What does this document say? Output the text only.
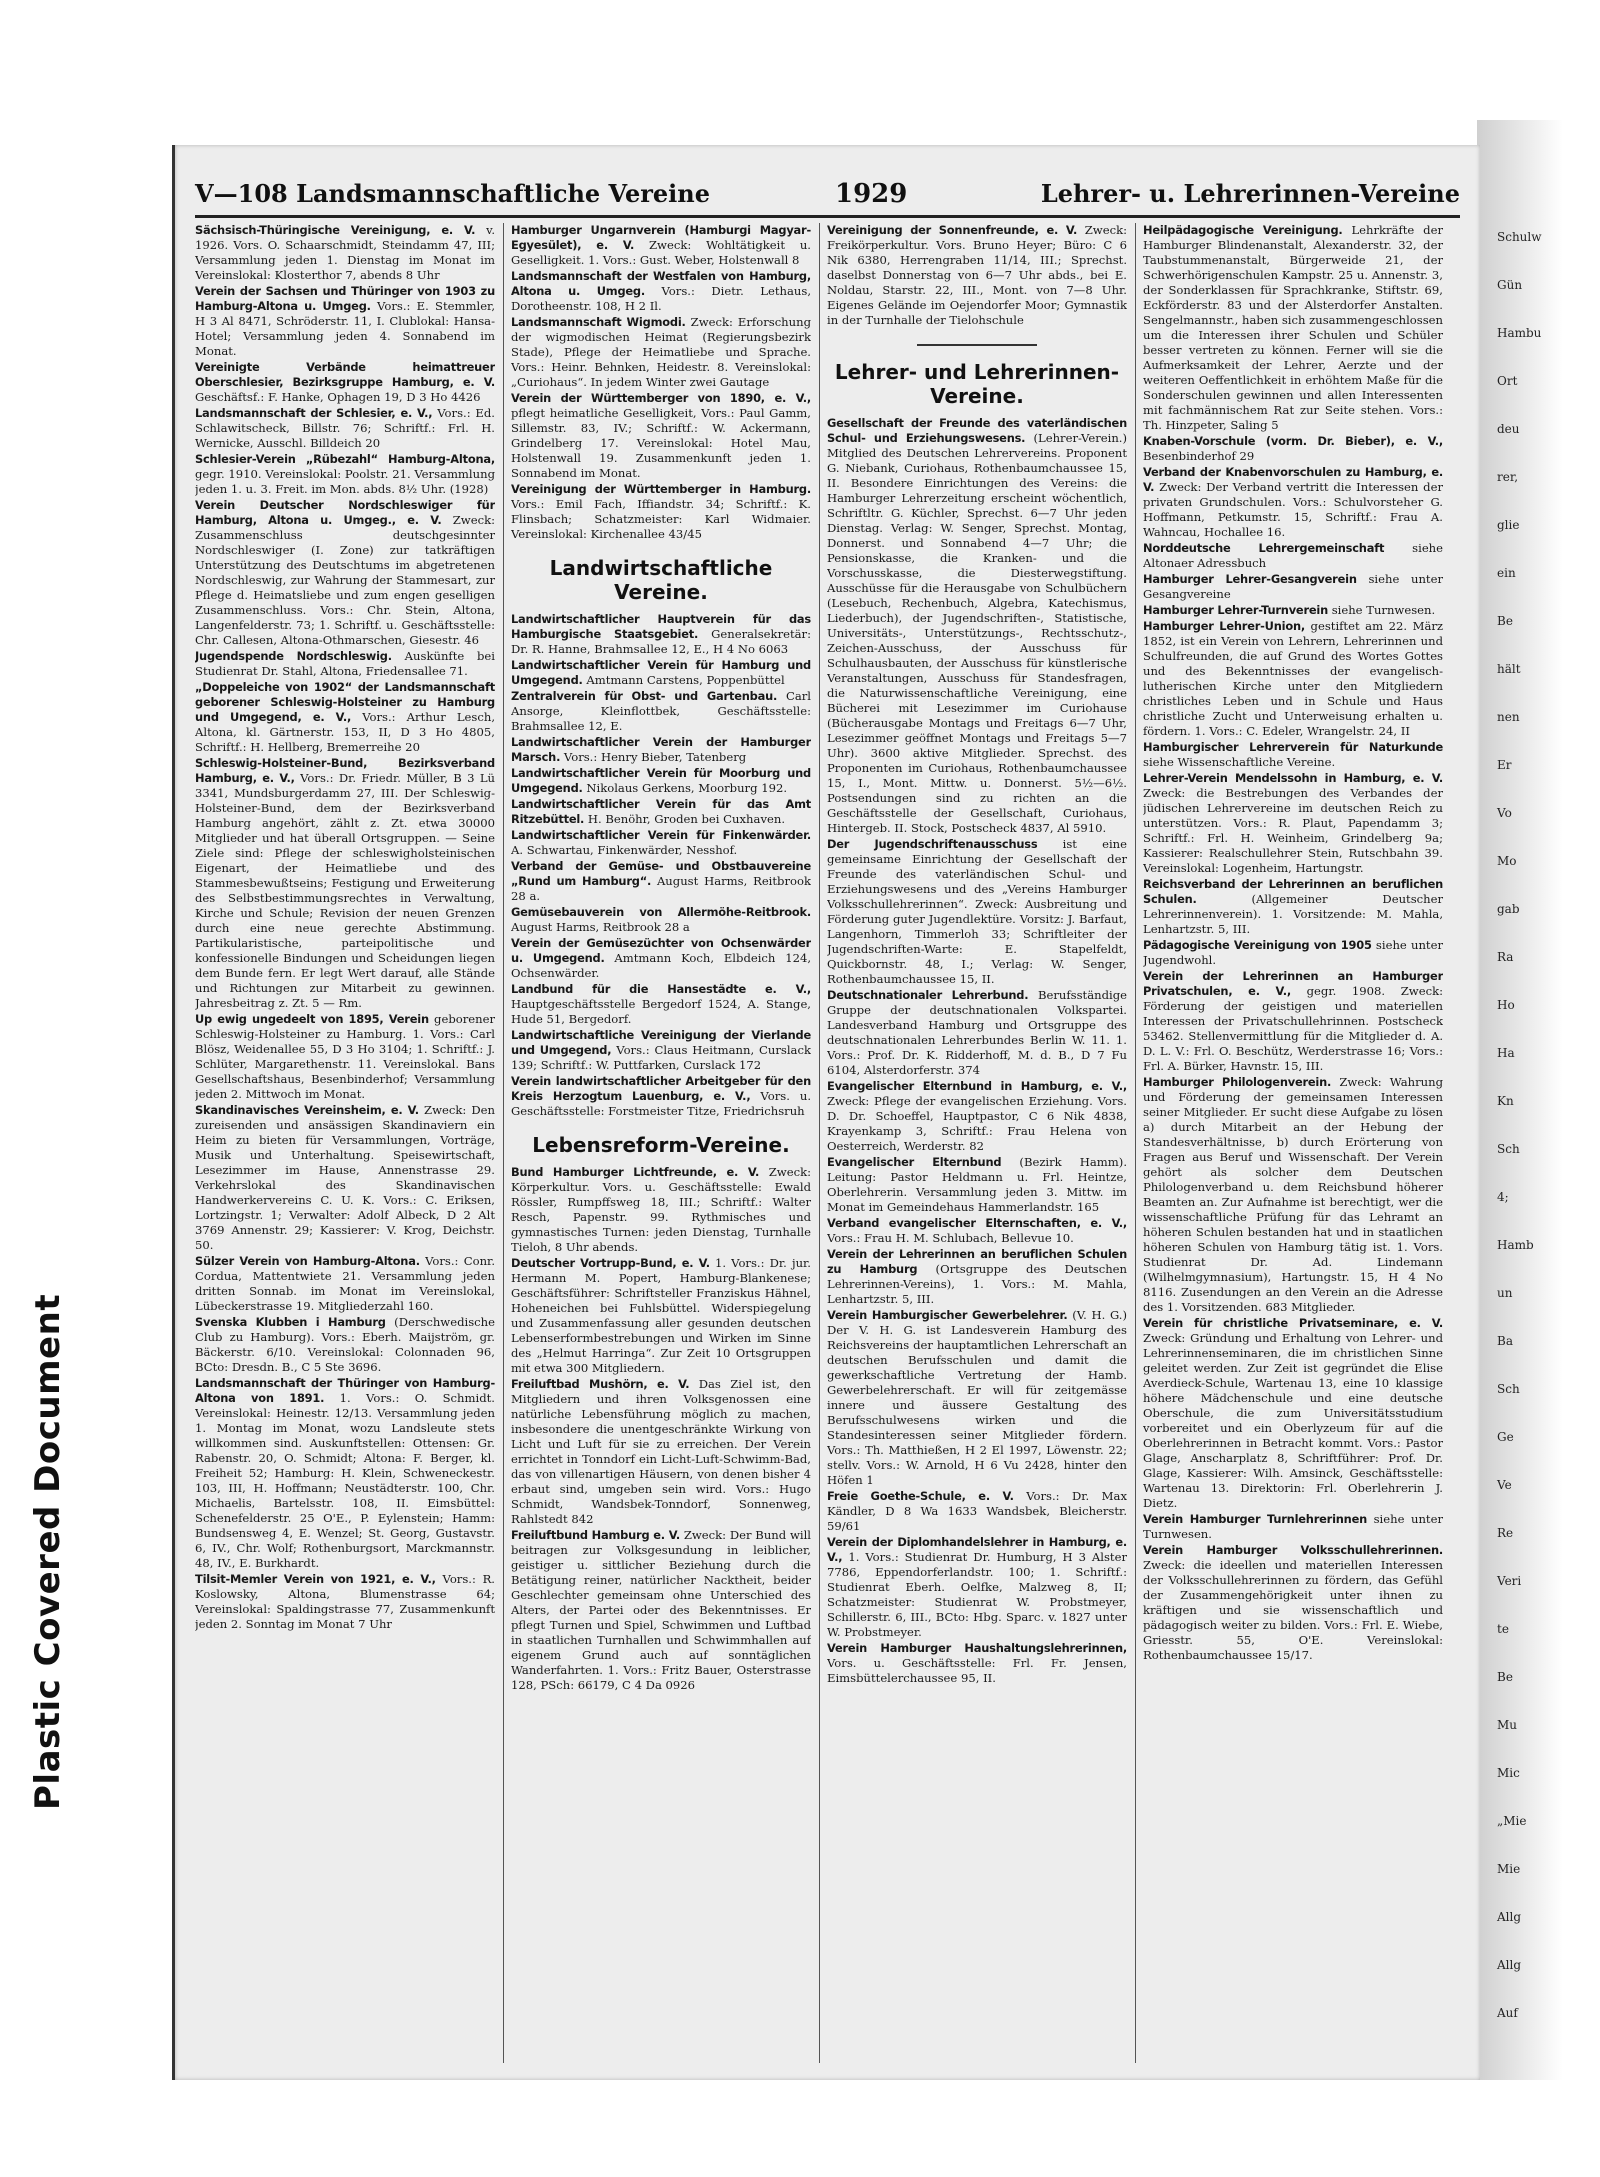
Plastic Covered Document
Schulw
Gün
Hambu
Ort
deu
rer,
glie
ein
Be
hält
nen
Er
Vo
Mo
gab
Ra
Ho
Ha
Kn
Sch
4;
Hamb
un
Ba
Sch
Ge
Ve
Re
Veri
te
Be
Mu
Mic
„Mie
Mie
Allg
Allg
Auf
V—108 Landsmannschaftliche Vereine	1929	Lehrer- u. Lehrerinnen-Vereine

Sächsisch-Thüringische Vereinigung, e. V. v. 1926. Vors. O. Schaarschmidt, Steindamm 47, III; Versammlung jeden 1. Dienstag im Monat im Vereinslokal: Klosterthor 7, abends 8 Uhr

Verein der Sachsen und Thüringer von 1903 zu Hamburg-Altona u. Umgeg. Vors.: E. Stemmler, H 3 Al 8471, Schröderstr. 11, I. Clublokal: Hansa-Hotel; Versammlung jeden 4. Sonnabend im Monat.

Vereinigte Verbände heimattreuer Oberschlesier, Bezirksgruppe Hamburg, e. V. Geschäftsf.: F. Hanke, Ophagen 19, D 3 Ho 4426

Landsmannschaft der Schlesier, e. V., Vors.: Ed. Schlawitscheck, Billstr. 76; Schriftf.: Frl. H. Wernicke, Ausschl. Billdeich 20

Schlesier-Verein „Rübezahl“ Hamburg-Altona, gegr. 1910. Vereinslokal: Poolstr. 21. Versammlung jeden 1. u. 3. Freit. im Mon. abds. 8½ Uhr. (1928)

Verein Deutscher Nordschleswiger für Hamburg, Altona u. Umgeg., e. V. Zweck: Zusammenschluss deutschgesinnter Nordschleswiger (I. Zone) zur tatkräftigen Unterstützung des Deutschtums im abgetretenen Nordschleswig, zur Wahrung der Stammesart, zur Pflege d. Heimatsliebe und zum engen geselligen Zusammenschluss. Vors.: Chr. Stein, Altona, Langenfelderstr. 73; 1. Schriftf. u. Geschäftsstelle: Chr. Callesen, Altona-Othmarschen, Giesestr. 46

Jugendspende Nordschleswig. Auskünfte bei Studienrat Dr. Stahl, Altona, Friedensallee 71.

„Doppeleiche von 1902“ der Landsmannschaft geborener Schleswig-Holsteiner zu Hamburg und Umgegend, e. V., Vors.: Arthur Lesch, Altona, kl. Gärtnerstr. 153, II, D 3 Ho 4805, Schriftf.: H. Hellberg, Bremerreihe 20

Schleswig-Holsteiner-Bund, Bezirksverband Hamburg, e. V., Vors.: Dr. Friedr. Müller, B 3 Lü 3341, Mundsburgerdamm 27, III. Der Schleswig-Holsteiner-Bund, dem der Bezirksverband Hamburg angehört, zählt z. Zt. etwa 30000 Mitglieder und hat überall Ortsgruppen. — Seine Ziele sind: Pflege der schleswigholsteinischen Eigenart, der Heimatliebe und des Stammesbewußtseins; Festigung und Erweiterung des Selbstbestimmungsrechtes in Verwaltung, Kirche und Schule; Revision der neuen Grenzen durch eine neue gerechte Abstimmung. Partikularistische, parteipolitische und konfessionelle Bindungen und Scheidungen liegen dem Bunde fern. Er legt Wert darauf, alle Stände und Richtungen zur Mitarbeit zu gewinnen. Jahresbeitrag z. Zt. 5 — Rm.

Up ewig ungedeelt von 1895, Verein geborener Schleswig-Holsteiner zu Hamburg. 1. Vors.: Carl Blösz, Weidenallee 55, D 3 Ho 3104; 1. Schriftf.: J. Schlüter, Margarethenstr. 11. Vereinslokal. Bans Gesellschaftshaus, Besenbinderhof; Versammlung jeden 2. Mittwoch im Monat.

Skandinavisches Vereinsheim, e. V. Zweck: Den zureisenden und ansässigen Skandinaviern ein Heim zu bieten für Versammlungen, Vorträge, Musik und Unterhaltung. Speisewirtschaft, Lesezimmer im Hause, Annenstrasse 29. Verkehrslokal des Skandinavischen Handwerkervereins C. U. K. Vors.: C. Eriksen, Lortzingstr. 1; Verwalter: Adolf Albeck, D 2 Alt 3769 Annenstr. 29; Kassierer: V. Krog, Deichstr. 50.

Sülzer Verein von Hamburg-Altona. Vors.: Conr. Cordua, Mattentwiete 21. Versammlung jeden dritten Sonnab. im Monat im Vereinslokal, Lübeckerstrasse 19. Mitgliederzahl 160.

Svenska Klubben i Hamburg (Derschwedische Club zu Hamburg). Vors.: Eberh. Maijström, gr. Bäckerstr. 6/10. Vereinslokal: Colonnaden 96, BCto: Dresdn. B., C 5 Ste 3696.

Landsmannschaft der Thüringer von Hamburg-Altona von 1891. 1. Vors.: O. Schmidt. Vereinslokal: Heinestr. 12/13. Versammlung jeden 1. Montag im Monat, wozu Landsleute stets willkommen sind. Auskunftstellen: Ottensen: Gr. Rabenstr. 20, O. Schmidt; Altona: F. Berger, kl. Freiheit 52; Hamburg: H. Klein, Schweneckestr. 103, III, H. Hoffmann; Neustädterstr. 100, Chr. Michaelis, Bartelsstr. 108, II. Eimsbüttel: Schenefelderstr. 25 O'E., P. Eylenstein; Hamm: Bundsensweg 4, E. Wenzel; St. Georg, Gustavstr. 6, IV., Chr. Wolf; Rothenburgsort, Marckmannstr. 48, IV., E. Burkhardt.

Tilsit-Memler Verein von 1921, e. V., Vors.: R. Koslowsky, Altona, Blumenstrasse 64; Vereinslokal: Spaldingstrasse 77, Zusammenkunft jeden 2. Sonntag im Monat 7 Uhr

Hamburger Ungarnverein (Hamburgi Magyar-Egyesület), e. V. Zweck: Wohltätigkeit u. Geselligkeit. 1. Vors.: Gust. Weber, Holstenwall 8

Landsmannschaft der Westfalen von Hamburg, Altona u. Umgeg. Vors.: Dietr. Lethaus, Dorotheenstr. 108, H 2 Il.

Landsmannschaft Wigmodi. Zweck: Erforschung der wigmodischen Heimat (Regierungsbezirk Stade), Pflege der Heimatliebe und Sprache. Vors.: Heinr. Behnken, Heidestr. 8. Vereinslokal: „Curiohaus“. In jedem Winter zwei Gautage

Verein der Württemberger von 1890, e. V., pflegt heimatliche Geselligkeit, Vors.: Paul Gamm, Sillemstr. 83, IV.; Schriftf.: W. Ackermann, Grindelberg 17. Vereinslokal: Hotel Mau, Holstenwall 19. Zusammenkunft jeden 1. Sonnabend im Monat.

Vereinigung der Württemberger in Hamburg. Vors.: Emil Fach, Iffiandstr. 34; Schriftf.: K. Flinsbach; Schatzmeister: Karl Widmaier. Vereinslokal: Kirchenallee 43/45

Landwirtschaftliche Vereine.

Landwirtschaftlicher Hauptverein für das Hamburgische Staatsgebiet. Generalsekretär: Dr. R. Hanne, Brahmsallee 12, E., H 4 No 6063

Landwirtschaftlicher Verein für Hamburg und Umgegend. Amtmann Carstens, Poppenbüttel

Zentralverein für Obst- und Gartenbau. Carl Ansorge, Kleinflottbek, Geschäftsstelle: Brahmsallee 12, E.

Landwirtschaftlicher Verein der Hamburger Marsch. Vors.: Henry Bieber, Tatenberg

Landwirtschaftlicher Verein für Moorburg und Umgegend. Nikolaus Gerkens, Moorburg 192.

Landwirtschaftlicher Verein für das Amt Ritzebüttel. H. Benöhr, Groden bei Cuxhaven.

Landwirtschaftlicher Verein für Finkenwärder. A. Schwartau, Finkenwärder, Nesshof.

Verband der Gemüse- und Obstbauvereine „Rund um Hamburg“. August Harms, Reitbrook 28 a.

Gemüsebauverein von Allermöhe-Reitbrook. August Harms, Reitbrook 28 a

Verein der Gemüsezüchter von Ochsenwärder u. Umgegend. Amtmann Koch, Elbdeich 124, Ochsenwärder.

Landbund für die Hansestädte e. V., Hauptgeschäftsstelle Bergedorf 1524, A. Stange, Hude 51, Bergedorf.

Landwirtschaftliche Vereinigung der Vierlande und Umgegend, Vors.: Claus Heitmann, Curslack 139; Schriftf.: W. Puttfarken, Curslack 172

Verein landwirtschaftlicher Arbeitgeber für den Kreis Herzogtum Lauenburg, e. V., Vors. u. Geschäftsstelle: Forstmeister Titze, Friedrichsruh

Lebensreform-Vereine.

Bund Hamburger Lichtfreunde, e. V. Zweck: Körperkultur. Vors. u. Geschäftsstelle: Ewald Rössler, Rumpffsweg 18, III.; Schriftf.: Walter Resch, Papenstr. 99. Rythmisches und gymnastisches Turnen: jeden Dienstag, Turnhalle Tieloh, 8 Uhr abends.

Deutscher Vortrupp-Bund, e. V. 1. Vors.: Dr. jur. Hermann M. Popert, Hamburg-Blankenese; Geschäftsführer: Schriftsteller Franziskus Hähnel, Hoheneichen bei Fuhlsbüttel. Widerspiegelung und Zusammenfassung aller gesunden deutschen Lebenserformbestrebungen und Wirken im Sinne des „Helmut Harringa“. Zur Zeit 10 Ortsgruppen mit etwa 300 Mitgliedern.

Freiluftbad Mushörn, e. V. Das Ziel ist, den Mitgliedern und ihren Volksgenossen eine natürliche Lebensführung möglich zu machen, insbesondere die unentgeschränkte Wirkung von Licht und Luft für sie zu erreichen. Der Verein errichtet in Tonndorf ein Licht-Luft-Schwimm-Bad, das von villenartigen Häusern, von denen bisher 4 erbaut sind, umgeben sein wird. Vors.: Hugo Schmidt, Wandsbek-Tonndorf, Sonnenweg, Rahlstedt 842

Freiluftbund Hamburg e. V. Zweck: Der Bund will beitragen zur Volksgesundung in leiblicher, geistiger u. sittlicher Beziehung durch die Betätigung reiner, natürlicher Nacktheit, beider Geschlechter gemeinsam ohne Unterschied des Alters, der Partei oder des Bekenntnisses. Er pflegt Turnen und Spiel, Schwimmen und Luftbad in staatlichen Turnhallen und Schwimmhallen auf eigenem Grund auch auf sonntäglichen Wanderfahrten. 1. Vors.: Fritz Bauer, Osterstrasse 128, PSch: 66179, C 4 Da 0926

Vereinigung der Sonnenfreunde, e. V. Zweck: Freikörperkultur. Vors. Bruno Heyer; Büro: C 6 Nik 6380, Herrengraben 11/14, III.; Sprechst. daselbst Donnerstag von 6—7 Uhr abds., bei E. Noldau, Starstr. 22, III., Mont. von 7—8 Uhr. Eigenes Gelände im Oejendorfer Moor; Gymnastik in der Turnhalle der Tielohschule

Lehrer- und Lehrerinnen-Vereine.

Gesellschaft der Freunde des vaterländischen Schul- und Erziehungswesens. (Lehrer-Verein.) Mitglied des Deutschen Lehrervereins. Proponent G. Niebank, Curiohaus, Rothenbaumchaussee 15, II. Besondere Einrichtungen des Vereins: die Hamburger Lehrerzeitung erscheint wöchentlich, Schriftltr. G. Küchler, Sprechst. 6—7 Uhr jeden Dienstag. Verlag: W. Senger, Sprechst. Montag, Donnerst. und Sonnabend 4—7 Uhr; die Pensionskasse, die Kranken- und die Vorschusskasse, die Diesterwegstiftung. Ausschüsse für die Herausgabe von Schulbüchern (Lesebuch, Rechenbuch, Algebra, Katechismus, Liederbuch), der Jugendschriften-, Statistische, Universitäts-, Unterstützungs-, Rechtsschutz-, Zeichen-Ausschuss, der Ausschuss für Schulhausbauten, der Ausschuss für künstlerische Veranstaltungen, Ausschuss für Standesfragen, die Naturwissenschaftliche Vereinigung, eine Bücherei mit Lesezimmer im Curiohause (Bücherausgabe Montags und Freitags 6—7 Uhr, Lesezimmer geöffnet Montags und Freitags 5—7 Uhr). 3600 aktive Mitglieder. Sprechst. des Proponenten im Curiohaus, Rothenbaumchaussee 15, I., Mont. Mittw. u. Donnerst. 5½—6½. Postsendungen sind zu richten an die Geschäftsstelle der Gesellschaft, Curiohaus, Hintergeb. II. Stock, Postscheck 4837, Al 5910.

Der Jugendschriftenausschuss ist eine gemeinsame Einrichtung der Gesellschaft der Freunde des vaterländischen Schul- und Erziehungswesens und des „Vereins Hamburger Volksschullehrerinnen“. Zweck: Ausbreitung und Förderung guter Jugendlektüre. Vorsitz: J. Barfaut, Langenhorn, Timmerloh 33; Schriftleiter der Jugendschriften-Warte: E. Stapelfeldt, Quickbornstr. 48, I.; Verlag: W. Senger, Rothenbaumchaussee 15, II.

Deutschnationaler Lehrerbund. Berufsständige Gruppe der deutschnationalen Volkspartei. Landesverband Hamburg und Ortsgruppe des deutschnationalen Lehrerbundes Berlin W. 11. 1. Vors.: Prof. Dr. K. Ridderhoff, M. d. B., D 7 Fu 6104, Alsterdorferstr. 374

Evangelischer Elternbund in Hamburg, e. V., Zweck: Pflege der evangelischen Erziehung. Vors. D. Dr. Schoeffel, Hauptpastor, C 6 Nik 4838, Krayenkamp 3, Schriftf.: Frau Helena von Oesterreich, Werderstr. 82

Evangelischer Elternbund (Bezirk Hamm). Leitung: Pastor Heldmann u. Frl. Heintze, Oberlehrerin. Versammlung jeden 3. Mittw. im Monat im Gemeindehaus Hammerlandstr. 165

Verband evangelischer Elternschaften, e. V., Vors.: Frau H. M. Schlubach, Bellevue 10.

Verein der Lehrerinnen an beruflichen Schulen zu Hamburg (Ortsgruppe des Deutschen Lehrerinnen-Vereins), 1. Vors.: M. Mahla, Lenhartzstr. 5, III.

Verein Hamburgischer Gewerbelehrer. (V. H. G.) Der V. H. G. ist Landesverein Hamburg des Reichsvereins der hauptamtlichen Lehrerschaft an deutschen Berufsschulen und damit die gewerkschaftliche Vertretung der Hamb. Gewerbelehrerschaft. Er will für zeitgemässe innere und äussere Gestaltung des Berufsschulwesens wirken und die Standesinteressen seiner Mitglieder fördern. Vors.: Th. Matthießen, H 2 El 1997, Löwenstr. 22; stellv. Vors.: W. Arnold, H 6 Vu 2428, hinter den Höfen 1

Freie Goethe-Schule, e. V. Vors.: Dr. Max Kändler, D 8 Wa 1633 Wandsbek, Bleicherstr. 59/61

Verein der Diplomhandelslehrer in Hamburg, e. V., 1. Vors.: Studienrat Dr. Humburg, H 3 Alster 7786, Eppendorferlandstr. 100; 1. Schriftf.: Studienrat Eberh. Oelfke, Malzweg 8, II; Schatzmeister: Studienrat W. Probstmeyer, Schillerstr. 6, III., BCto: Hbg. Sparc. v. 1827 unter W. Probstmeyer.

Verein Hamburger Haushaltungslehrerinnen, Vors. u. Geschäftsstelle: Frl. Fr. Jensen, Eimsbüttelerchaussee 95, II.

Heilpädagogische Vereinigung. Lehrkräfte der Hamburger Blindenanstalt, Alexanderstr. 32, der Taubstummenanstalt, Bürgerweide 21, der Schwerhörigenschulen Kampstr. 25 u. Annenstr. 3, der Sonderklassen für Sprachkranke, Stiftstr. 69, Eckförderstr. 83 und der Alsterdorfer Anstalten. Sengelmannstr., haben sich zusammengeschlossen um die Interessen ihrer Schulen und Schüler besser vertreten zu können. Ferner will sie die Aufmerksamkeit der Lehrer, Aerzte und der weiteren Oeffentlichkeit in erhöhtem Maße für die Sonderschulen gewinnen und allen Interessenten mit fachmännischem Rat zur Seite stehen. Vors.: Th. Hinzpeter, Saling 5

Knaben-Vorschule (vorm. Dr. Bieber), e. V., Besenbinderhof 29

Verband der Knabenvorschulen zu Hamburg, e. V. Zweck: Der Verband vertritt die Interessen der privaten Grundschulen. Vors.: Schulvorsteher G. Hoffmann, Petkumstr. 15, Schriftf.: Frau A. Wahncau, Hochallee 16.

Norddeutsche Lehrergemeinschaft siehe Altonaer Adressbuch

Hamburger Lehrer-Gesangverein siehe unter Gesangvereine

Hamburger Lehrer-Turnverein siehe Turnwesen.

Hamburger Lehrer-Union, gestiftet am 22. März 1852, ist ein Verein von Lehrern, Lehrerinnen und Schulfreunden, die auf Grund des Wortes Gottes und des Bekenntnisses der evangelisch-lutherischen Kirche unter den Mitgliedern christliches Leben und in Schule und Haus christliche Zucht und Unterweisung erhalten u. fördern. 1. Vors.: C. Edeler, Wrangelstr. 24, II

Hamburgischer Lehrerverein für Naturkunde siehe Wissenschaftliche Vereine.

Lehrer-Verein Mendelssohn in Hamburg, e. V. Zweck: die Bestrebungen des Verbandes der jüdischen Lehrervereine im deutschen Reich zu unterstützen. Vors.: R. Plaut, Papendamm 3; Schriftf.: Frl. H. Weinheim, Grindelberg 9a; Kassierer: Realschullehrer Stein, Rutschbahn 39. Vereinslokal: Logenheim, Hartungstr.

Reichsverband der Lehrerinnen an beruflichen Schulen.	(Allgemeiner Deutscher Lehrerinnenverein). 1. Vorsitzende: M. Mahla, Lenhartzstr. 5, III.

Pädagogische Vereinigung von 1905 siehe unter Jugendwohl.

Verein der Lehrerinnen an Hamburger Privatschulen, e. V., gegr. 1908. Zweck: Förderung der geistigen und materiellen Interessen der Privatschullehrinnen. Postscheck 53462. Stellenvermittlung für die Mitglieder d. A. D. L. V.: Frl. O. Beschütz, Werderstrasse 16; Vors.: Frl. A. Bürker, Havnstr. 15, III.

Hamburger Philologenverein. Zweck: Wahrung und Förderung der gemeinsamen Interessen seiner Mitglieder. Er sucht diese Aufgabe zu lösen a) durch Mitarbeit an der Hebung der Standesverhältnisse, b) durch Erörterung von Fragen aus Beruf und Wissenschaft. Der Verein gehört als solcher dem Deutschen Philologenverband u. dem Reichsbund höherer Beamten an. Zur Aufnahme ist berechtigt, wer die wissenschaftliche Prüfung für das Lehramt an höheren Schulen bestanden hat und in staatlichen höheren Schulen von Hamburg tätig ist. 1. Vors. Studienrat Dr. Ad. Lindemann (Wilhelmgymnasium), Hartungstr. 15, H 4 No 8116. Zusendungen an den Verein an die Adresse des 1. Vorsitzenden. 683 Mitglieder.

Verein für christliche Privatseminare, e. V. Zweck: Gründung und Erhaltung von Lehrer- und Lehrerinnenseminaren, die im christlichen Sinne geleitet werden. Zur Zeit ist gegründet die Elise Averdieck-Schule, Wartenau 13, eine 10 klassige höhere Mädchenschule und eine deutsche Oberschule, die zum Universitätsstudium vorbereitet und ein Oberlyzeum für auf die Oberlehrerinnen in Betracht kommt. Vors.: Pastor Glage, Anscharplatz 8, Schriftführer: Prof. Dr. Glage, Kassierer: Wilh. Amsinck, Geschäftsstelle: Wartenau 13. Direktorin: Frl. Oberlehrerin J. Dietz.

Verein Hamburger Turnlehrerinnen siehe unter Turnwesen.

Verein Hamburger Volksschullehrerinnen. Zweck: die ideellen und materiellen Interessen der Volksschullehrerinnen zu fördern, das Gefühl der Zusammengehörigkeit unter ihnen zu kräftigen und sie wissenschaftlich und pädagogisch weiter zu bilden. Vors.: Frl. E. Wiebe, Griesstr. 55, O'E. Vereinslokal: Rothenbaumchaussee 15/17.
